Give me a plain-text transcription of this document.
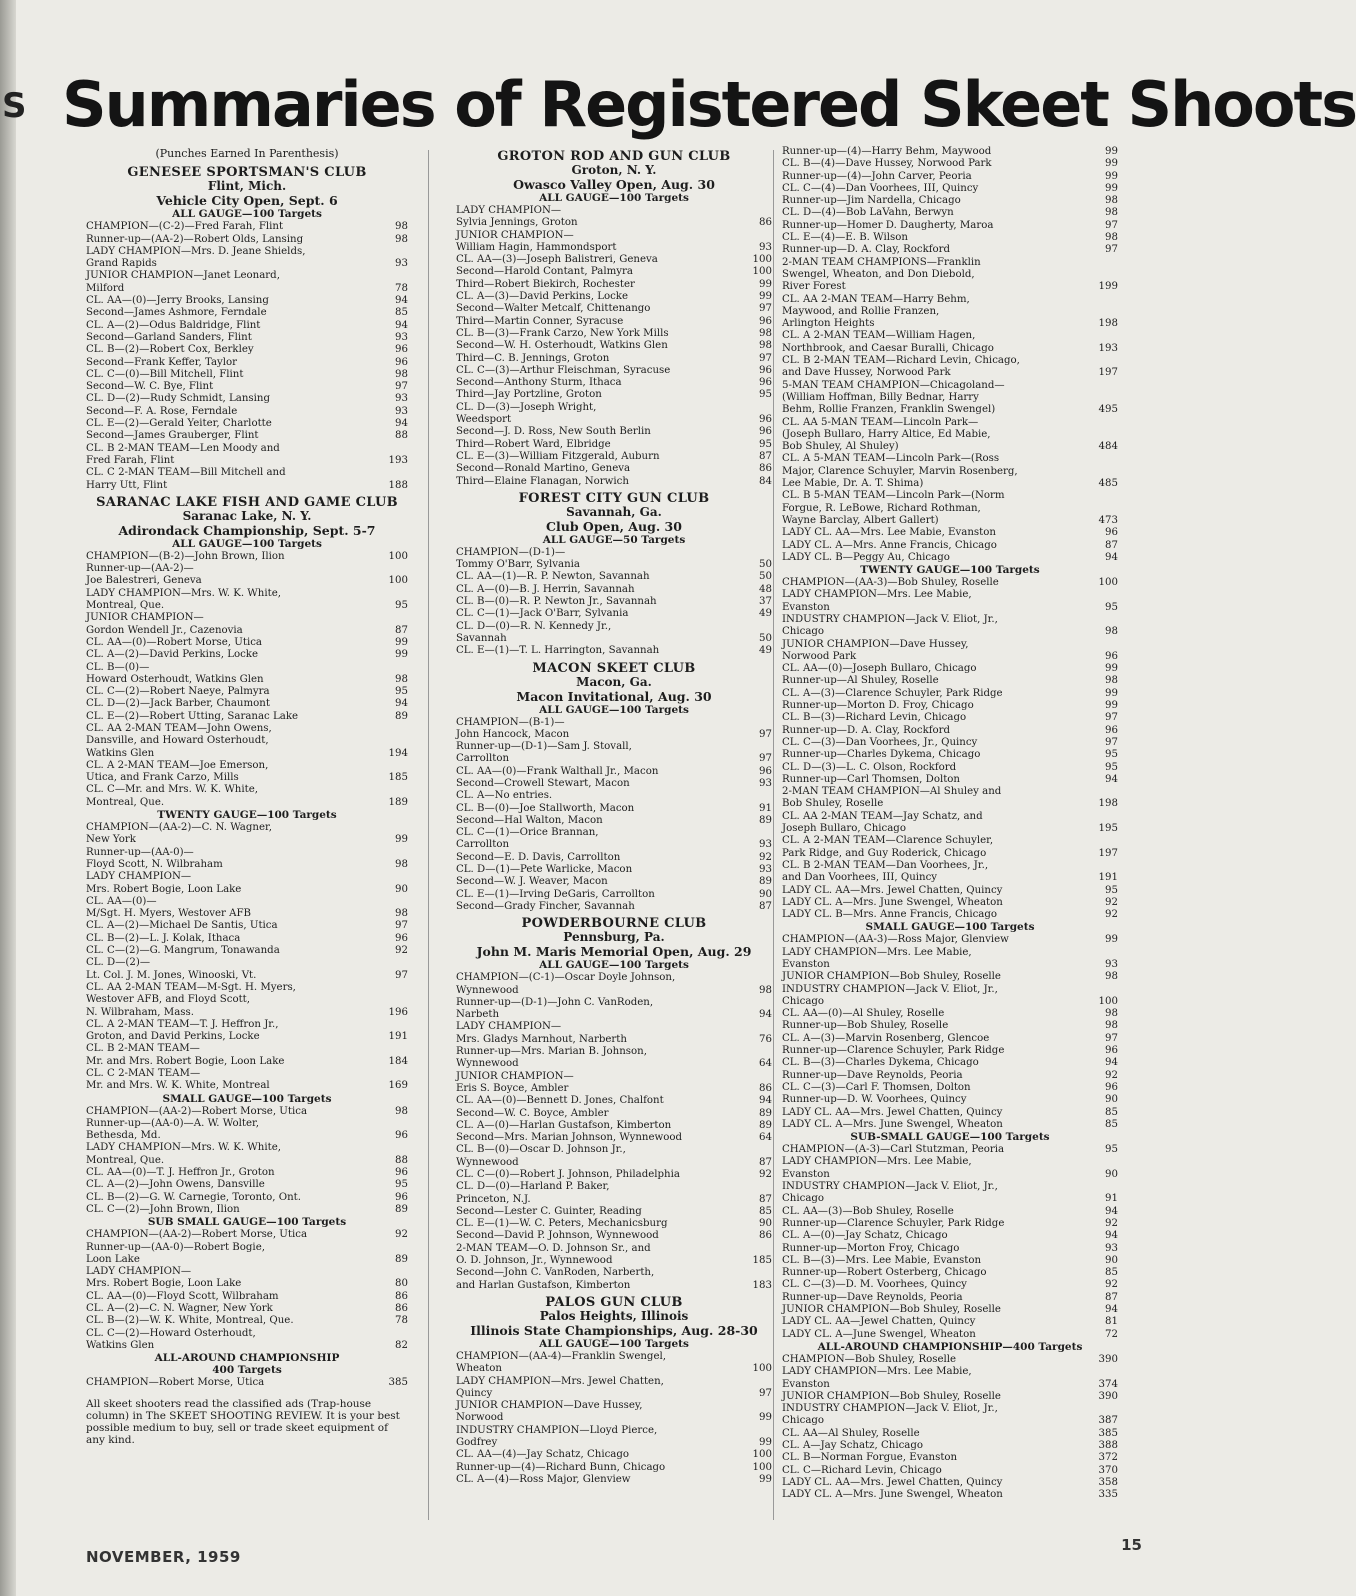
S Summaries of Registered Skeet Shoots
(Punches Earned In Parenthesis)
GENESEE SPORTSMAN'S CLUB
Flint, Mich.
Vehicle City Open, Sept. 6
ALL GAUGE—100 Targets
CHAMPION—(C-2)—Fred Farah, Flint	98
Runner-up—(AA-2)—Robert Olds, Lansing	98
LADY CHAMPION—Mrs. D. Jeane Shields,
Grand Rapids	93
JUNIOR CHAMPION—Janet Leonard,
Milford	78
CL. AA—(0)—Jerry Brooks, Lansing	94
Second—James Ashmore, Ferndale	85
CL. A—(2)—Odus Baldridge, Flint	94
Second—Garland Sanders, Flint	93
CL. B—(2)—Robert Cox, Berkley	96
Second—Frank Keffer, Taylor	96
CL. C—(0)—Bill Mitchell, Flint	98
Second—W. C. Bye, Flint	97
CL. D—(2)—Rudy Schmidt, Lansing	93
Second—F. A. Rose, Ferndale	93
CL. E—(2)—Gerald Yeiter, Charlotte	94
Second—James Grauberger, Flint	88
CL. B 2-MAN TEAM—Len Moody and
Fred Farah, Flint	193
CL. C 2-MAN TEAM—Bill Mitchell and
Harry Utt, Flint	188
SARANAC LAKE FISH AND GAME CLUB
Saranac Lake, N. Y.
Adirondack Championship, Sept. 5-7
ALL GAUGE—100 Targets
CHAMPION—(B-2)—John Brown, Ilion	100
Runner-up—(AA-2)—
Joe Balestreri, Geneva	100
LADY CHAMPION—Mrs. W. K. White,
Montreal, Que.	95
JUNIOR CHAMPION—
Gordon Wendell Jr., Cazenovia	87
CL. AA—(0)—Robert Morse, Utica	99
CL. A—(2)—David Perkins, Locke	99
CL. B—(0)—
Howard Osterhoudt, Watkins Glen	98
CL. C—(2)—Robert Naeye, Palmyra	95
CL. D—(2)—Jack Barber, Chaumont	94
CL. E—(2)—Robert Utting, Saranac Lake	89
CL. AA 2-MAN TEAM—John Owens,
Dansville, and Howard Osterhoudt,
Watkins Glen	194
CL. A 2-MAN TEAM—Joe Emerson,
Utica, and Frank Carzo, Mills	185
CL. C—Mr. and Mrs. W. K. White,
Montreal, Que.	189
TWENTY GAUGE—100 Targets
CHAMPION—(AA-2)—C. N. Wagner,
New York	99
Runner-up—(AA-0)—
Floyd Scott, N. Wilbraham	98
LADY CHAMPION—
Mrs. Robert Bogie, Loon Lake	90
CL. AA—(0)—
M/Sgt. H. Myers, Westover AFB	98
CL. A—(2)—Michael De Santis, Utica	97
CL. B—(2)—L. J. Kolak, Ithaca	96
CL. C—(2)—G. Mangrum, Tonawanda	92
CL. D—(2)—
Lt. Col. J. M. Jones, Winooski, Vt.	97
CL. AA 2-MAN TEAM—M-Sgt. H. Myers,
Westover AFB, and Floyd Scott,
N. Wilbraham, Mass.	196
CL. A 2-MAN TEAM—T. J. Heffron Jr.,
Groton, and David Perkins, Locke	191
CL. B 2-MAN TEAM—
Mr. and Mrs. Robert Bogie, Loon Lake	184
CL. C 2-MAN TEAM—
Mr. and Mrs. W. K. White, Montreal	169
SMALL GAUGE—100 Targets
CHAMPION—(AA-2)—Robert Morse, Utica	98
Runner-up—(AA-0)—A. W. Wolter,
Bethesda, Md.	96
LADY CHAMPION—Mrs. W. K. White,
Montreal, Que.	88
CL. AA—(0)—T. J. Heffron Jr., Groton	96
CL. A—(2)—John Owens, Dansville	95
CL. B—(2)—G. W. Carnegie, Toronto, Ont.	96
CL. C—(2)—John Brown, Ilion	89
SUB SMALL GAUGE—100 Targets
CHAMPION—(AA-2)—Robert Morse, Utica	92
Runner-up—(AA-0)—Robert Bogie,
Loon Lake	89
LADY CHAMPION—
Mrs. Robert Bogie, Loon Lake	80
CL. AA—(0)—Floyd Scott, Wilbraham	86
CL. A—(2)—C. N. Wagner, New York	86
CL. B—(2)—W. K. White, Montreal, Que.	78
CL. C—(2)—Howard Osterhoudt,
Watkins Glen	82
ALL-AROUND CHAMPIONSHIP
400 Targets
CHAMPION—Robert Morse, Utica	385
All skeet shooters read the classified ads (Trap-house column) in The SKEET SHOOTING REVIEW. It is your best possible medium to buy, sell or trade skeet equipment of any kind.
GROTON ROD AND GUN CLUB
Groton, N. Y.
Owasco Valley Open, Aug. 30
ALL GAUGE—100 Targets
LADY CHAMPION—
Sylvia Jennings, Groton	86
JUNIOR CHAMPION—
William Hagin, Hammondsport	93
CL. AA—(3)—Joseph Balistreri, Geneva	100
Second—Harold Contant, Palmyra	100
Third—Robert Biekirch, Rochester	99
CL. A—(3)—David Perkins, Locke	99
Second—Walter Metcalf, Chittenango	97
Third—Martin Conner, Syracuse	96
CL. B—(3)—Frank Carzo, New York Mills	98
Second—W. H. Osterhoudt, Watkins Glen	98
Third—C. B. Jennings, Groton	97
CL. C—(3)—Arthur Fleischman, Syracuse	96
Second—Anthony Sturm, Ithaca	96
Third—Jay Portzline, Groton	95
CL. D—(3)—Joseph Wright,
Weedsport	96
Second—J. D. Ross, New South Berlin	96
Third—Robert Ward, Elbridge	95
CL. E—(3)—William Fitzgerald, Auburn	87
Second—Ronald Martino, Geneva	86
Third—Elaine Flanagan, Norwich	84
FOREST CITY GUN CLUB
Savannah, Ga.
Club Open, Aug. 30
ALL GAUGE—50 Targets
CHAMPION—(D-1)—
Tommy O'Barr, Sylvania	50
CL. AA—(1)—R. P. Newton, Savannah	50
CL. A—(0)—B. J. Herrin, Savannah	48
CL. B—(0)—R. P. Newton Jr., Savannah	37
CL. C—(1)—Jack O'Barr, Sylvania	49
CL. D—(0)—R. N. Kennedy Jr.,
Savannah	50
CL. E—(1)—T. L. Harrington, Savannah	49
MACON SKEET CLUB
Macon, Ga.
Macon Invitational, Aug. 30
ALL GAUGE—100 Targets
CHAMPION—(B-1)—
John Hancock, Macon	97
Runner-up—(D-1)—Sam J. Stovall,
Carrollton	97
CL. AA—(0)—Frank Walthall Jr., Macon	96
Second—Crowell Stewart, Macon	93
CL. A—No entries.
CL. B—(0)—Joe Stallworth, Macon	91
Second—Hal Walton, Macon	89
CL. C—(1)—Orice Brannan,
Carrollton	93
Second—E. D. Davis, Carrollton	92
CL. D—(1)—Pete Warlicke, Macon	93
Second—W. J. Weaver, Macon	89
CL. E—(1)—Irving DeGaris, Carrollton	90
Second—Grady Fincher, Savannah	87
POWDERBOURNE CLUB
Pennsburg, Pa.
John M. Maris Memorial Open, Aug. 29
ALL GAUGE—100 Targets
CHAMPION—(C-1)—Oscar Doyle Johnson,
Wynnewood	98
Runner-up—(D-1)—John C. VanRoden,
Narbeth	94
LADY CHAMPION—
Mrs. Gladys Marnhout, Narberth	76
Runner-up—Mrs. Marian B. Johnson,
Wynnewood	64
JUNIOR CHAMPION—
Eris S. Boyce, Ambler	86
CL. AA—(0)—Bennett D. Jones, Chalfont	94
Second—W. C. Boyce, Ambler	89
CL. A—(0)—Harlan Gustafson, Kimberton	89
Second—Mrs. Marian Johnson, Wynnewood	64
CL. B—(0)—Oscar D. Johnson Jr.,
Wynnewood	87
CL. C—(0)—Robert J. Johnson, Philadelphia	92
CL. D—(0)—Harland P. Baker,
Princeton, N.J.	87
Second—Lester C. Guinter, Reading	85
CL. E—(1)—W. C. Peters, Mechanicsburg	90
Second—David P. Johnson, Wynnewood	86
2-MAN TEAM—O. D. Johnson Sr., and
O. D. Johnson, Jr., Wynnewood	185
Second—John C. VanRoden, Narberth,
and Harlan Gustafson, Kimberton	183
PALOS GUN CLUB
Palos Heights, Illinois
Illinois State Championships, Aug. 28-30
ALL GAUGE—100 Targets
CHAMPION—(AA-4)—Franklin Swengel,
Wheaton	100
LADY CHAMPION—Mrs. Jewel Chatten,
Quincy	97
JUNIOR CHAMPION—Dave Hussey,
Norwood	99
INDUSTRY CHAMPION—Lloyd Pierce,
Godfrey	99
CL. AA—(4)—Jay Schatz, Chicago	100
Runner-up—(4)—Richard Bunn, Chicago	100
CL. A—(4)—Ross Major, Glenview	99
Runner-up—(4)—Harry Behm, Maywood	99
CL. B—(4)—Dave Hussey, Norwood Park	99
Runner-up—(4)—John Carver, Peoria	99
CL. C—(4)—Dan Voorhees, III, Quincy	99
Runner-up—Jim Nardella, Chicago	98
CL. D—(4)—Bob LaVahn, Berwyn	98
Runner-up—Homer D. Daugherty, Maroa	97
CL. E—(4)—E. B. Wilson	98
Runner-up—D. A. Clay, Rockford	97
2-MAN TEAM CHAMPIONS—Franklin
Swengel, Wheaton, and Don Diebold,
River Forest	199
CL. AA 2-MAN TEAM—Harry Behm,
Maywood, and Rollie Franzen,
Arlington Heights	198
CL. A 2-MAN TEAM—William Hagen,
Northbrook, and Caesar Buralli, Chicago	193
CL. B 2-MAN TEAM—Richard Levin, Chicago,
and Dave Hussey, Norwood Park	197
5-MAN TEAM CHAMPION—Chicagoland—
(William Hoffman, Billy Bednar, Harry
Behm, Rollie Franzen, Franklin Swengel)	495
CL. AA 5-MAN TEAM—Lincoln Park—
(Joseph Bullaro, Harry Altice, Ed Mabie,
Bob Shuley, Al Shuley)	484
CL. A 5-MAN TEAM—Lincoln Park—(Ross
Major, Clarence Schuyler, Marvin Rosenberg,
Lee Mabie, Dr. A. T. Shima)	485
CL. B 5-MAN TEAM—Lincoln Park—(Norm
Forgue, R. LeBowe, Richard Rothman,
Wayne Barclay, Albert Gallert)	473
LADY CL. AA—Mrs. Lee Mabie, Evanston	96
LADY CL. A—Mrs. Anne Francis, Chicago	87
LADY CL. B—Peggy Au, Chicago	94
TWENTY GAUGE—100 Targets
CHAMPION—(AA-3)—Bob Shuley, Roselle	100
LADY CHAMPION—Mrs. Lee Mabie,
Evanston	95
INDUSTRY CHAMPION—Jack V. Eliot, Jr.,
Chicago	98
JUNIOR CHAMPION—Dave Hussey,
Norwood Park	96
CL. AA—(0)—Joseph Bullaro, Chicago	99
Runner-up—Al Shuley, Roselle	98
CL. A—(3)—Clarence Schuyler, Park Ridge	99
Runner-up—Morton D. Froy, Chicago	99
CL. B—(3)—Richard Levin, Chicago	97
Runner-up—D. A. Clay, Rockford	96
CL. C—(3)—Dan Voorhees, Jr., Quincy	97
Runner-up—Charles Dykema, Chicago	95
CL. D—(3)—L. C. Olson, Rockford	95
Runner-up—Carl Thomsen, Dolton	94
2-MAN TEAM CHAMPION—Al Shuley and
Bob Shuley, Roselle	198
CL. AA 2-MAN TEAM—Jay Schatz, and
Joseph Bullaro, Chicago	195
CL. A 2-MAN TEAM—Clarence Schuyler,
Park Ridge, and Guy Roderick, Chicago	197
CL. B 2-MAN TEAM—Dan Voorhees, Jr.,
and Dan Voorhees, III, Quincy	191
LADY CL. AA—Mrs. Jewel Chatten, Quincy	95
LADY CL. A—Mrs. June Swengel, Wheaton	92
LADY CL. B—Mrs. Anne Francis, Chicago	92
SMALL GAUGE—100 Targets
CHAMPION—(AA-3)—Ross Major, Glenview	99
LADY CHAMPION—Mrs. Lee Mabie,
Evanston	93
JUNIOR CHAMPION—Bob Shuley, Roselle	98
INDUSTRY CHAMPION—Jack V. Eliot, Jr.,
Chicago	100
CL. AA—(0)—Al Shuley, Roselle	98
Runner-up—Bob Shuley, Roselle	98
CL. A—(3)—Marvin Rosenberg, Glencoe	97
Runner-up—Clarence Schuyler, Park Ridge	96
CL. B—(3)—Charles Dykema, Chicago	94
Runner-up—Dave Reynolds, Peoria	92
CL. C—(3)—Carl F. Thomsen, Dolton	96
Runner-up—D. W. Voorhees, Quincy	90
LADY CL. AA—Mrs. Jewel Chatten, Quincy	85
LADY CL. A—Mrs. June Swengel, Wheaton	85
SUB-SMALL GAUGE—100 Targets
CHAMPION—(A-3)—Carl Stutzman, Peoria	95
LADY CHAMPION—Mrs. Lee Mabie,
Evanston	90
INDUSTRY CHAMPION—Jack V. Eliot, Jr.,
Chicago	91
CL. AA—(3)—Bob Shuley, Roselle	94
Runner-up—Clarence Schuyler, Park Ridge	92
CL. A—(0)—Jay Schatz, Chicago	94
Runner-up—Morton Froy, Chicago	93
CL. B—(3)—Mrs. Lee Mabie, Evanston	90
Runner-up—Robert Osterberg, Chicago	85
CL. C—(3)—D. M. Voorhees, Quincy	92
Runner-up—Dave Reynolds, Peoria	87
JUNIOR CHAMPION—Bob Shuley, Roselle	94
LADY CL. AA—Jewel Chatten, Quincy	81
LADY CL. A—June Swengel, Wheaton	72
ALL-AROUND CHAMPIONSHIP—400 Targets
CHAMPION—Bob Shuley, Roselle	390
LADY CHAMPION—Mrs. Lee Mabie,
Evanston	374
JUNIOR CHAMPION—Bob Shuley, Roselle	390
INDUSTRY CHAMPION—Jack V. Eliot, Jr.,
Chicago	387
CL. AA—Al Shuley, Roselle	385
CL. A—Jay Schatz, Chicago	388
CL. B—Norman Forgue, Evanston	372
CL. C—Richard Levin, Chicago	370
LADY CL. AA—Mrs. Jewel Chatten, Quincy	358
LADY CL. A—Mrs. June Swengel, Wheaton	335
NOVEMBER, 1959
15
